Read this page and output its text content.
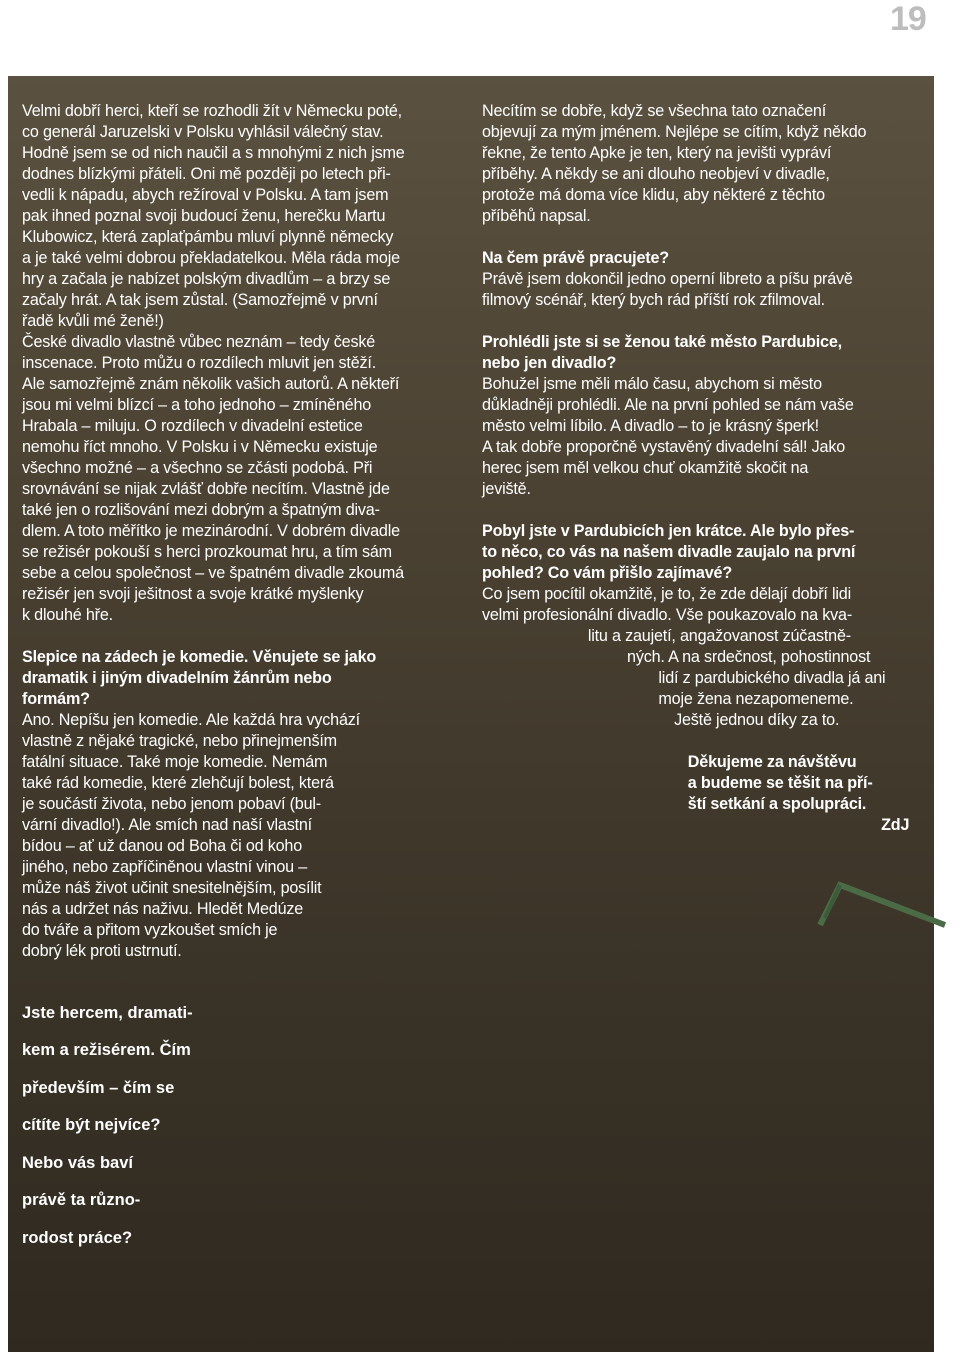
19

Velmi dobří herci, kteří se rozhodli žít v Německu poté,

co generál Jaruzelski v Polsku vyhlásil válečný stav.

Hodně jsem se od nich naučil a s mnohými z nich jsme

dodnes blízkými přáteli. Oni mě později po letech při-

vedli k nápadu, abych režíroval v Polsku. A tam jsem

pak ihned poznal svoji budoucí ženu, herečku Martu

Klubowicz, která zaplaťpámbu mluví plynně německy

a je také velmi dobrou překladatelkou. Měla ráda moje

hry a začala je nabízet polským divadlům – a brzy se

začaly hrát. A tak jsem zůstal. (Samozřejmě v první

řadě kvůli mé ženě!)

České divadlo vlastně vůbec neznám – tedy české

inscenace. Proto můžu o rozdílech mluvit jen stěží.

Ale samozřejmě znám několik vašich autorů. A někteří

jsou mi velmi blízcí – a toho jednoho – zmíněného

Hrabala – miluju. O rozdílech v divadelní estetice

nemohu říct mnoho. V Polsku i v Německu existuje

všechno možné – a všechno se zčásti podobá. Při

srovnávání se nijak zvlášť dobře necítím. Vlastně jde

také jen o rozlišování mezi dobrým a špatným diva-

dlem. A toto měřítko je mezinárodní. V dobrém divadle

se režisér pokouší s herci prozkoumat hru, a tím sám

sebe a celou společnost – ve špatném divadle zkoumá

režisér jen svoji ješitnost a svoje krátké myšlenky

k dlouhé hře.

Slepice na zádech je komedie. Věnujete se jako

dramatik i jiným divadelním žánrům nebo

formám?

Ano. Nepíšu jen komedie. Ale každá hra vychází

vlastně z nějaké tragické, nebo přinejmenším

fatální situace. Také moje komedie. Nemám

také rád komedie, které zlehčují bolest, která

je součástí života, nebo jenom pobaví (bul-

vární divadlo!). Ale smích nad naší vlastní

bídou – ať už danou od Boha či od koho

jiného, nebo zapříčiněnou vlastní vinou –

může náš život učinit snesitelnějším, posílit

nás a udržet nás naživu. Hledět Medúze

do tváře a přitom vyzkoušet smích je

dobrý lék proti ustrnutí.

Jste hercem, dramati-

kem a režisérem. Čím

především – čím se

cítíte být nejvíce?

Nebo vás baví

právě ta různo-

rodost práce?

Necítím se dobře, když se všechna tato označení

objevují za mým jménem. Nejlépe se cítím, když někdo

řekne, že tento Apke je ten, který na jevišti vypráví

příběhy. A někdy se ani dlouho neobjeví v divadle,

protože má doma více klidu, aby některé z těchto

příběhů napsal.

Na čem právě pracujete?

Právě jsem dokončil jedno operní libreto a píšu právě

filmový scénář, který bych rád příští rok zfilmoval.

Prohlédli jste si se ženou také město Pardubice,

nebo jen divadlo?

Bohužel jsme měli málo času, abychom si město

důkladněji prohlédli. Ale na první pohled se nám vaše

město velmi líbilo. A divadlo – to je krásný šperk!

A tak dobře proporčně vystavěný divadelní sál! Jako

herec jsem měl velkou chuť okamžitě skočit na

jeviště.

Pobyl jste v Pardubicích jen krátce. Ale bylo přes-

to něco, co vás na našem divadle zaujalo na první

pohled? Co vám přišlo zajímavé?

Co jsem pocítil okamžitě, je to, že zde dělají dobří lidi

velmi profesionální divadlo. Vše poukazovalo na kva-

litu a zaujetí, angažovanost zúčastně-

ných. A na srdečnost, pohostinnost

lidí z pardubického divadla já ani

moje žena nezapomeneme.

Ještě jednou díky za to.

Děkujeme za návštěvu

a budeme se těšit na pří-

ští setkání a spolupráci.

ZdJ
